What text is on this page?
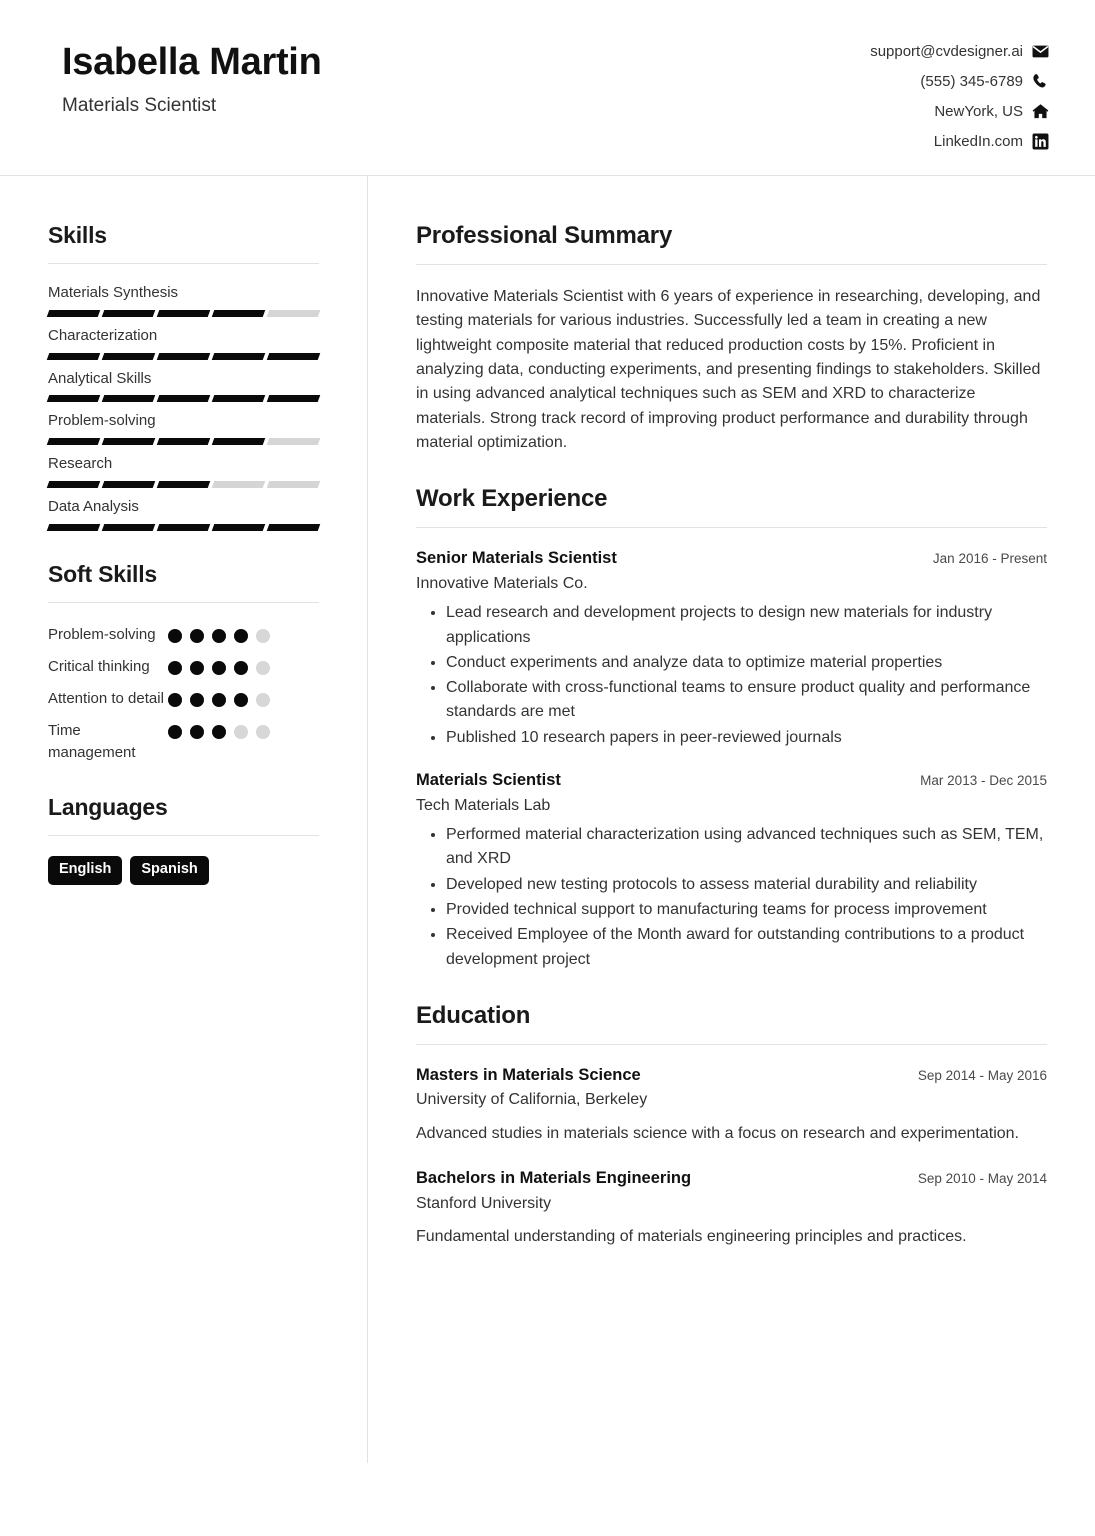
Isabella Martin
Materials Scientist
support@cvdesigner.ai
(555) 345-6789
NewYork, US
LinkedIn.com
Skills
Materials Synthesis
Characterization
Analytical Skills
Problem-solving
Research
Data Analysis
Soft Skills
Problem-solving
Critical thinking
Attention to detail
Time management
Languages
English	Spanish
Professional Summary
Innovative Materials Scientist with 6 years of experience in researching, developing, and testing materials for various industries. Successfully led a team in creating a new lightweight composite material that reduced production costs by 15%. Proficient in analyzing data, conducting experiments, and presenting findings to stakeholders. Skilled in using advanced analytical techniques such as SEM and XRD to characterize materials. Strong track record of improving product performance and durability through material optimization.
Work Experience
Senior Materials Scientist	Jan 2016 - Present
Innovative Materials Co.
• Lead research and development projects to design new materials for industry applications
• Conduct experiments and analyze data to optimize material properties
• Collaborate with cross-functional teams to ensure product quality and performance standards are met
• Published 10 research papers in peer-reviewed journals
Materials Scientist	Mar 2013 - Dec 2015
Tech Materials Lab
• Performed material characterization using advanced techniques such as SEM, TEM, and XRD
• Developed new testing protocols to assess material durability and reliability
• Provided technical support to manufacturing teams for process improvement
• Received Employee of the Month award for outstanding contributions to a product development project
Education
Masters in Materials Science	Sep 2014 - May 2016
University of California, Berkeley
Advanced studies in materials science with a focus on research and experimentation.
Bachelors in Materials Engineering	Sep 2010 - May 2014
Stanford University
Fundamental understanding of materials engineering principles and practices.
